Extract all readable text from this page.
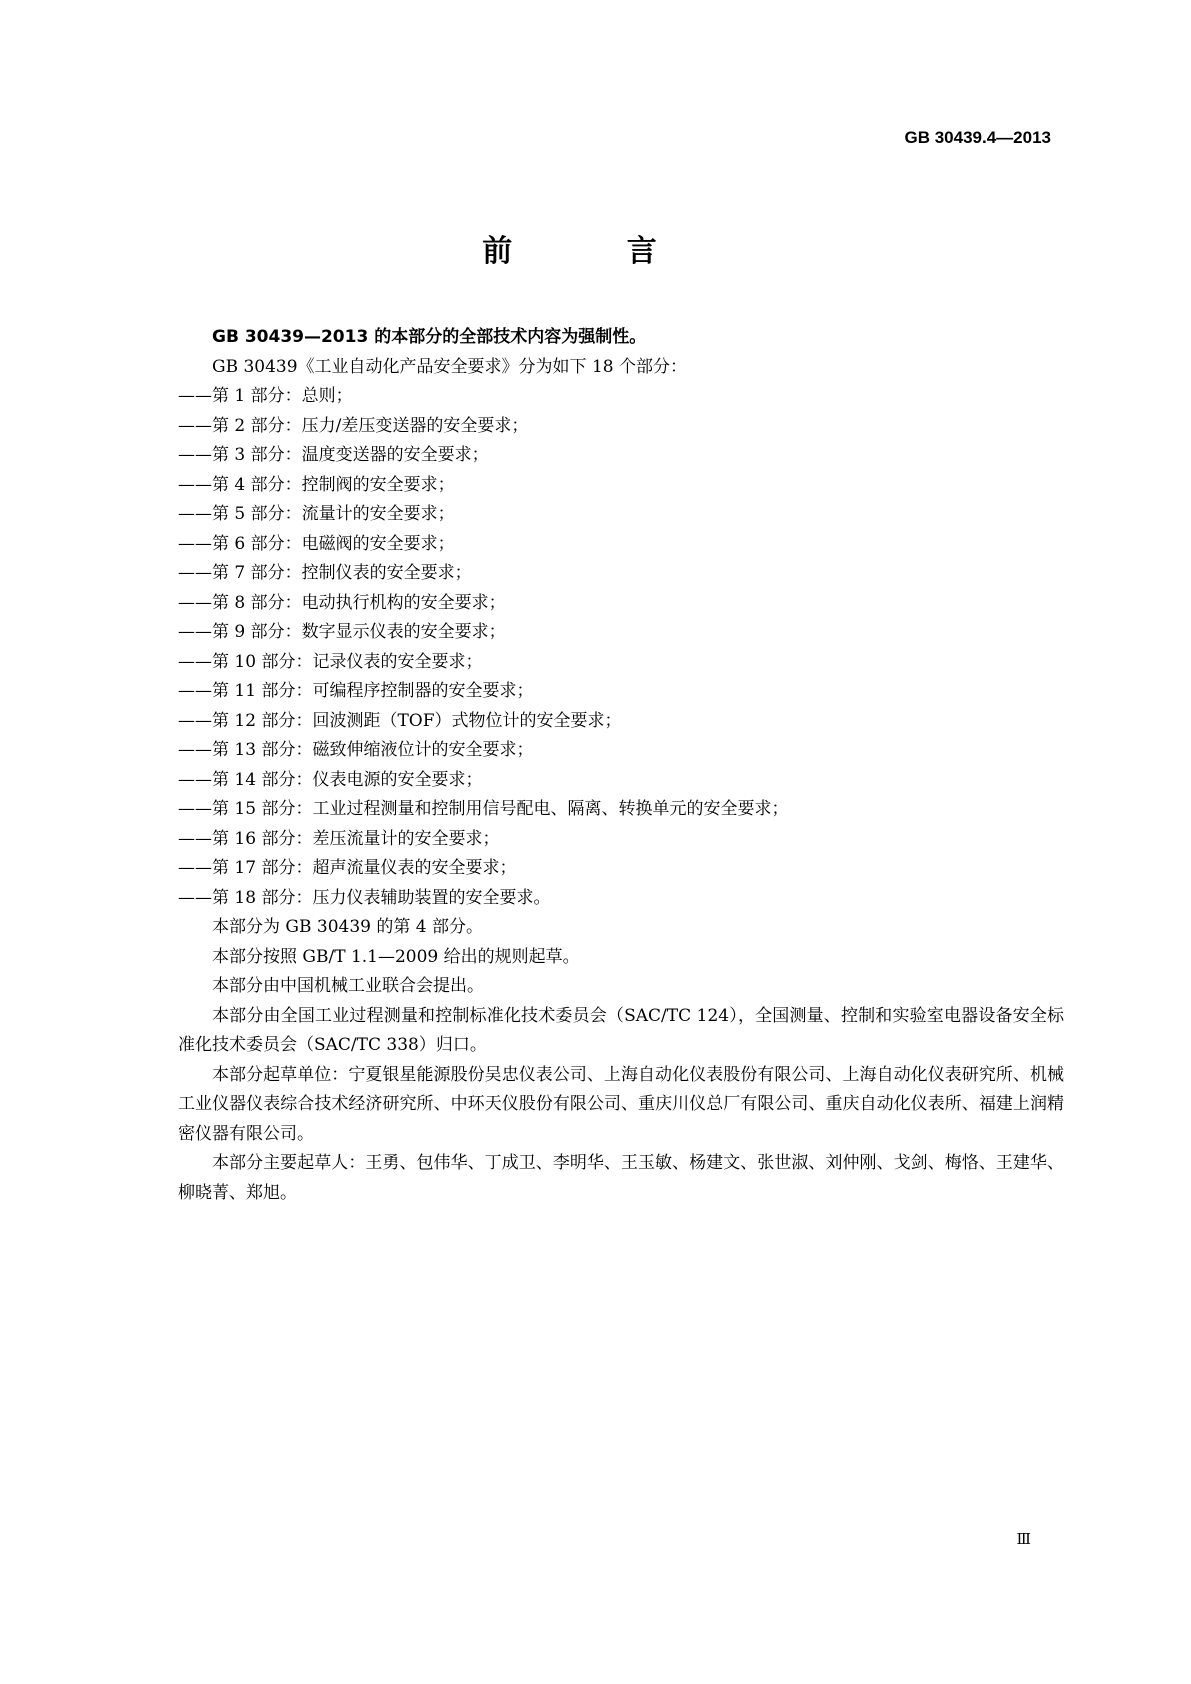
GB 30439.4—2013
前 言

GB 30439—2013 的本部分的全部技术内容为强制性。

GB 30439《工业自动化产品安全要求》分为如下 18 个部分：

——第 1 部分：总则；
——第 2 部分：压力/差压变送器的安全要求；
——第 3 部分：温度变送器的安全要求；
——第 4 部分：控制阀的安全要求；
——第 5 部分：流量计的安全要求；
——第 6 部分：电磁阀的安全要求；
——第 7 部分：控制仪表的安全要求；
——第 8 部分：电动执行机构的安全要求；
——第 9 部分：数字显示仪表的安全要求；
——第 10 部分：记录仪表的安全要求；
——第 11 部分：可编程序控制器的安全要求；
——第 12 部分：回波测距（TOF）式物位计的安全要求；
——第 13 部分：磁致伸缩液位计的安全要求；
——第 14 部分：仪表电源的安全要求；
——第 15 部分：工业过程测量和控制用信号配电、隔离、转换单元的安全要求；
——第 16 部分：差压流量计的安全要求；
——第 17 部分：超声流量仪表的安全要求；
——第 18 部分：压力仪表辅助装置的安全要求。

本部分为 GB 30439 的第 4 部分。

本部分按照 GB/T 1.1—2009 给出的规则起草。

本部分由中国机械工业联合会提出。

本部分由全国工业过程测量和控制标准化技术委员会（SAC/TC 124），全国测量、控制和实验室电器设备安全标准化技术委员会（SAC/TC 338）归口。

本部分起草单位：宁夏银星能源股份吴忠仪表公司、上海自动化仪表股份有限公司、上海自动化仪表研究所、机械工业仪器仪表综合技术经济研究所、中环天仪股份有限公司、重庆川仪总厂有限公司、重庆自动化仪表所、福建上润精密仪器有限公司。

本部分主要起草人：王勇、包伟华、丁成卫、李明华、王玉敏、杨建文、张世淑、刘仲刚、戈剑、梅恪、王建华、柳晓菁、郑旭。

Ⅲ
